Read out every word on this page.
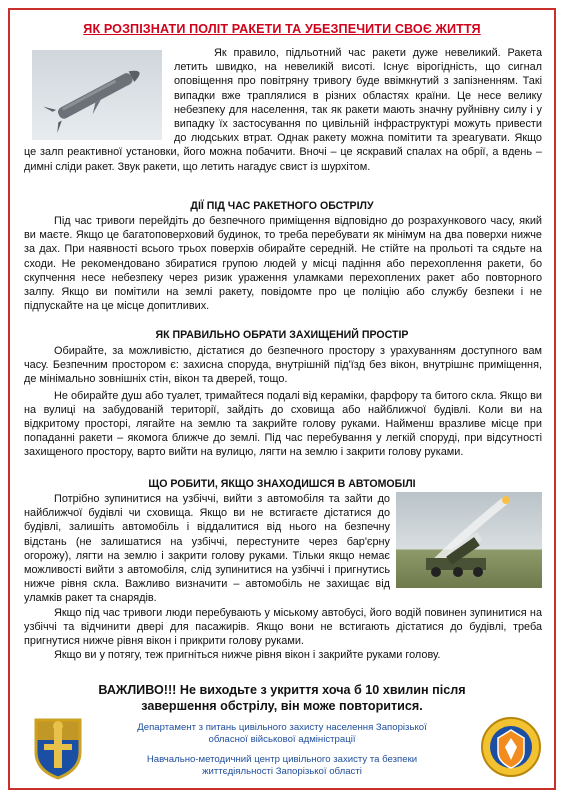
ЯК РОЗПІЗНАТИ ПОЛІТ РАКЕТИ ТА УБЕЗПЕЧИТИ СВОЄ ЖИТТЯ

Як правило, підльотний час ракети дуже невеликий. Ракета летить швидко, на невеликій висоті. Існує вірогідність, що сигнал оповіщення про повітряну тривогу буде ввімкнутий з запізненням. Такі випадки вже траплялися в різних областях країни. Це несе велику небезпеку для населення, так як ракети мають значну руйнівну силу і у випадку їх застосування по цивільній інфраструктурі можуть привести до людських втрат. Однак ракету можна помітити та зреагувати. Якщо це залп реактивної установки, його можна побачити. Вночі – це яскравий спалах на обрії, а вдень – димні сліди ракет. Звук ракети, що летить нагадує свист із шурхітом.

ДІЇ ПІД ЧАС РАКЕТНОГО ОБСТРІЛУ

Під час тривоги перейдіть до безпечного приміщення відповідно до розрахункового часу, який ви маєте. Якщо це багатоповерховий будинок, то треба перебувати як мінімум на два поверхи нижче за дах. При наявності всього трьох поверхів обирайте середній. Не стійте на прольоті та сядьте на сходи. Не рекомендовано збиратися групою людей у місці падіння або перехоплення ракети, бо скупчення несе небезпеку через ризик ураження уламками перехоплених ракет або повторного залпу. Якщо ви помітили на землі ракету, повідомте про це поліцію або службу безпеки і не підпускайте на це місце допитливих.

ЯК ПРАВИЛЬНО ОБРАТИ ЗАХИЩЕНИЙ ПРОСТІР

Обирайте, за можливістю, дістатися до безпечного простору з урахуванням доступного вам часу. Безпечним простором є: захисна споруда, внутрішній під'їзд без вікон, внутрішнє приміщення, де мінімально зовнішніх стін, вікон та дверей, тощо.

Не обирайте душ або туалет, тримайтеся подалі від кераміки, фарфору та битого скла. Якщо ви на вулиці на забудованій території, зайдіть до сховища або найближчої будівлі. Коли ви на відкритому просторі, лягайте на землю та закрийте голову руками. Найменш вразливе місце при попаданні ракети – якомога ближче до землі. Під час перебування у легкій споруді, при відсутності захищеного простору, варто вийти на вулицю, лягти на землю і закрити голову руками.

ЩО РОБИТИ, ЯКЩО ЗНАХОДИШСЯ В АВТОМОБІЛІ

Потрібно зупинитися на узбіччі, вийти з автомобіля та зайти до найближчої будівлі чи сховища. Якщо ви не встигаєте дістатися до будівлі, залишіть автомобіль і віддалитися від нього на безпечну відстань (не залишатися на узбіччі, перестуните через бар'єрну огорожу), лягти на землю і закрити голову руками. Тільки якщо немає можливості вийти з автомобіля, слід зупинитися на узбіччі і пригнутись нижче рівня скла. Важливо визначити – автомобіль не захищає від уламків ракет та снарядів.

Якщо під час тривоги люди перебувають у міському автобусі, його водій повинен зупинитися на узбіччі та відчинити двері для пасажирів. Якщо вони не встигають дістатися до будівлі, треба пригнутися нижче рівня вікон і прикрити голову руками.

Якщо ви у потягу, теж пригніться нижче рівня вікон і закрийте руками голову.

ВАЖЛИВО!!! Не виходьте з укриття хоча б 10 хвилин після завершення обстрілу, він може повторитися.
Департамент з питань цивільного захисту населення Запорізької обласної військової адміністрації
Навчально-методичний центр цивільного захисту та безпеки життєдіяльності Запорізької області
